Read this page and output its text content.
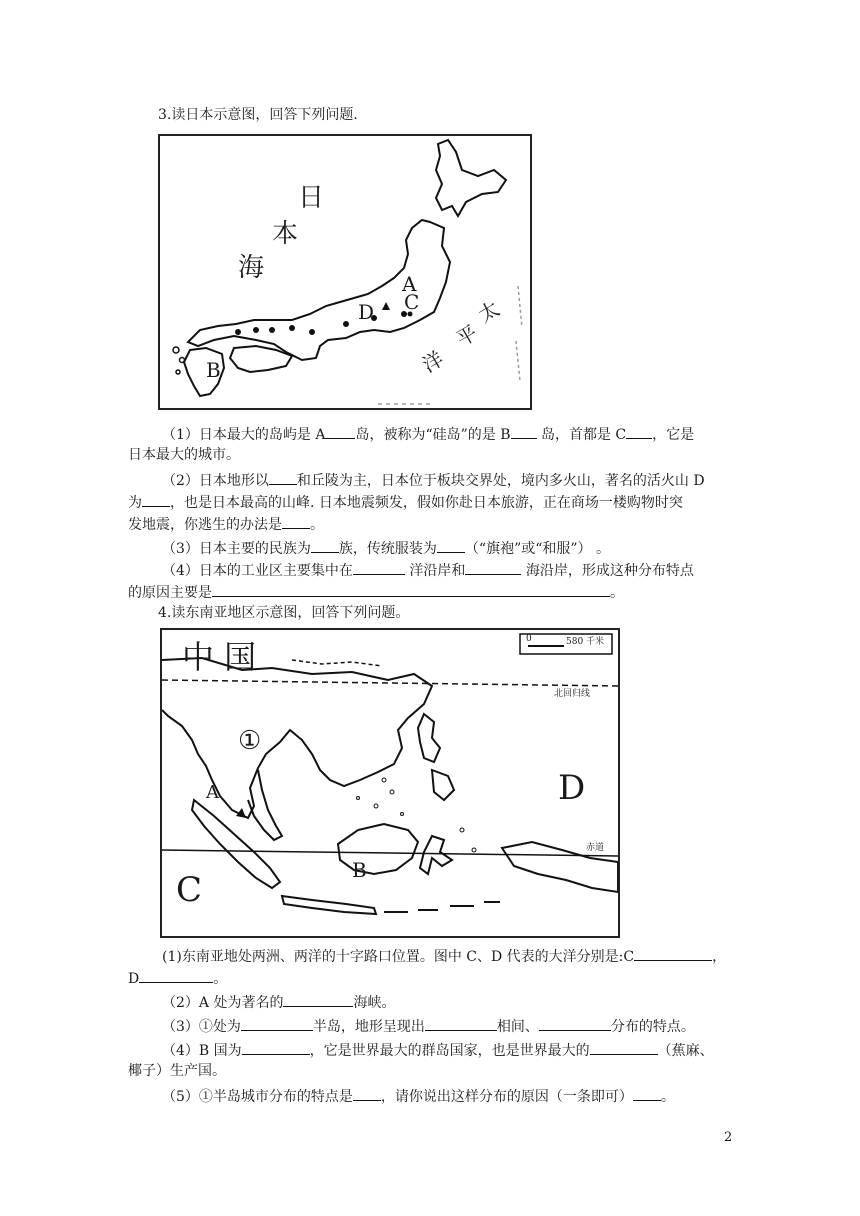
3.读日本示意图，回答下列问题.
日
本
海
太
平
洋
A
C
D
B
（1）日本最大的岛屿是 A 岛，被称为“硅岛”的是 B 岛，首都是 C ，它是
日本最大的城市。
（2）日本地形以 和丘陵为主，日本位于板块交界处，境内多火山，著名的活火山 D
为 ，也是日本最高的山峰. 日本地震频发，假如你赴日本旅游，正在商场一楼购物时突
发地震，你逃生的办法是 。
（3）日本主要的民族为 族，传统服装为 （“旗袍”或“和服”） 。
（4）日本的工业区主要集中在	洋沿岸和	海沿岸，形成这种分布特点
的原因主要是	。
4.读东南亚地区示意图，回答下列问题。
0	580 千米
中 国
北回归线
赤道
①
A
B
C
D
(1)东南亚地处两洲、两洋的十字路口位置。图中 C、D 代表的大洋分别是:C	，
D	。
（2）A 处为著名的	海峡。
（3）①处为	半岛，地形呈现出	相间、	分布的特点。
（4）B 国为	，它是世界最大的群岛国家，也是世界最大的	（蕉麻、
椰子）生产国。
（5）①半岛城市分布的特点是 ，请你说出这样分布的原因（一条即可） 。
2
